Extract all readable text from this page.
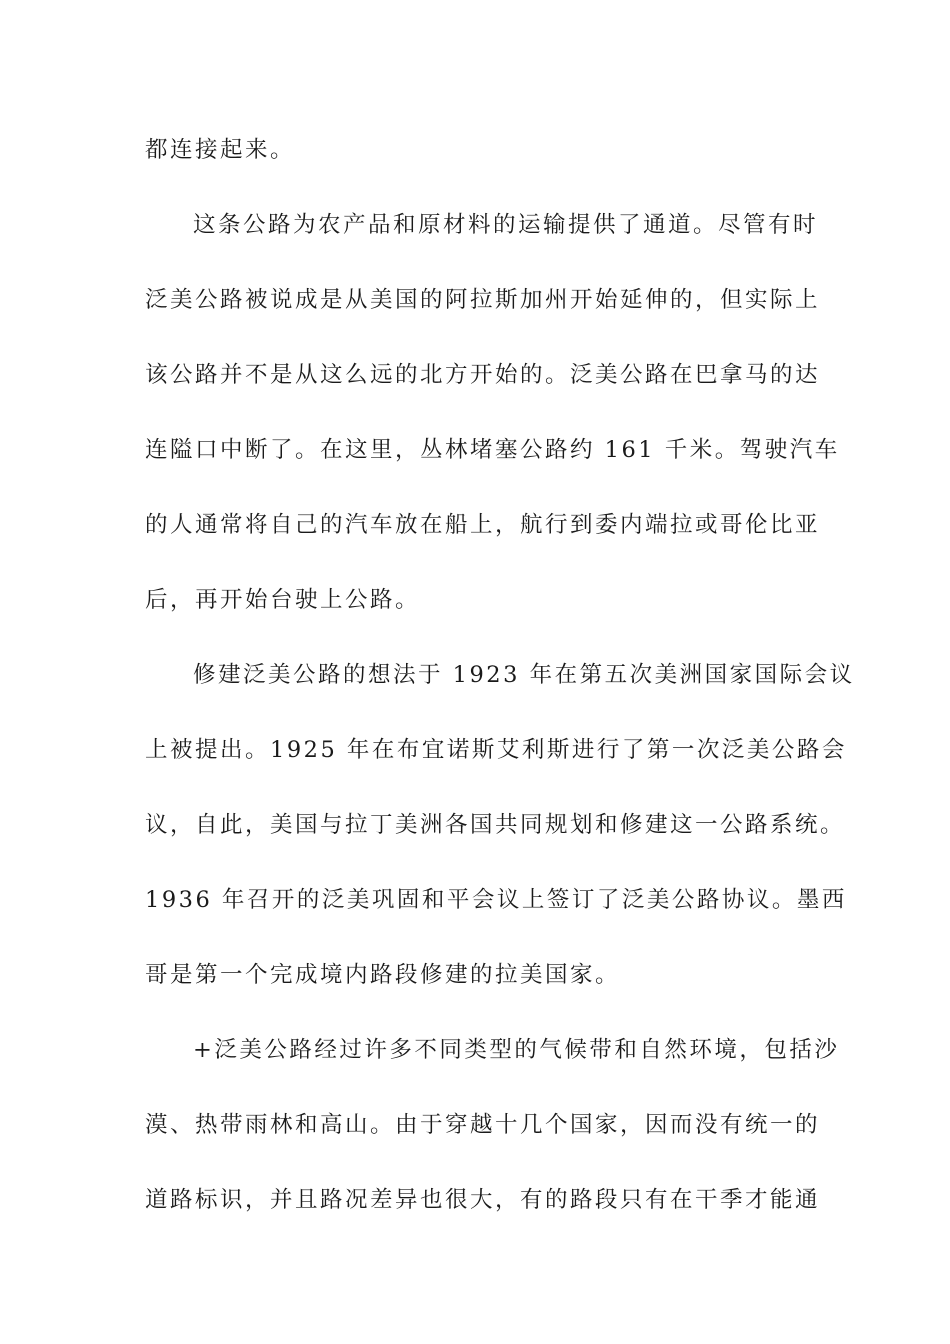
都连接起来。
这条公路为农产品和原材料的运输提供了通道。尽管有时
泛美公路被说成是从美国的阿拉斯加州开始延伸的，但实际上
该公路并不是从这么远的北方开始的。泛美公路在巴拿马的达
连隘口中断了。在这里，丛林堵塞公路约 161 千米。驾驶汽车
的人通常将自己的汽车放在船上，航行到委内端拉或哥伦比亚
后，再开始台驶上公路。
修建泛美公路的想法于 1923 年在第五次美洲国家国际会议
上被提出。1925 年在布宜诺斯艾利斯进行了第一次泛美公路会
议，自此，美国与拉丁美洲各国共同规划和修建这一公路系统。
1936 年召开的泛美巩固和平会议上签订了泛美公路协议。墨西
哥是第一个完成境内路段修建的拉美国家。
+泛美公路经过许多不同类型的气候带和自然环境，包括沙
漠、热带雨林和高山。由于穿越十几个国家，因而没有统一的
道路标识，并且路况差异也很大，有的路段只有在干季才能通
